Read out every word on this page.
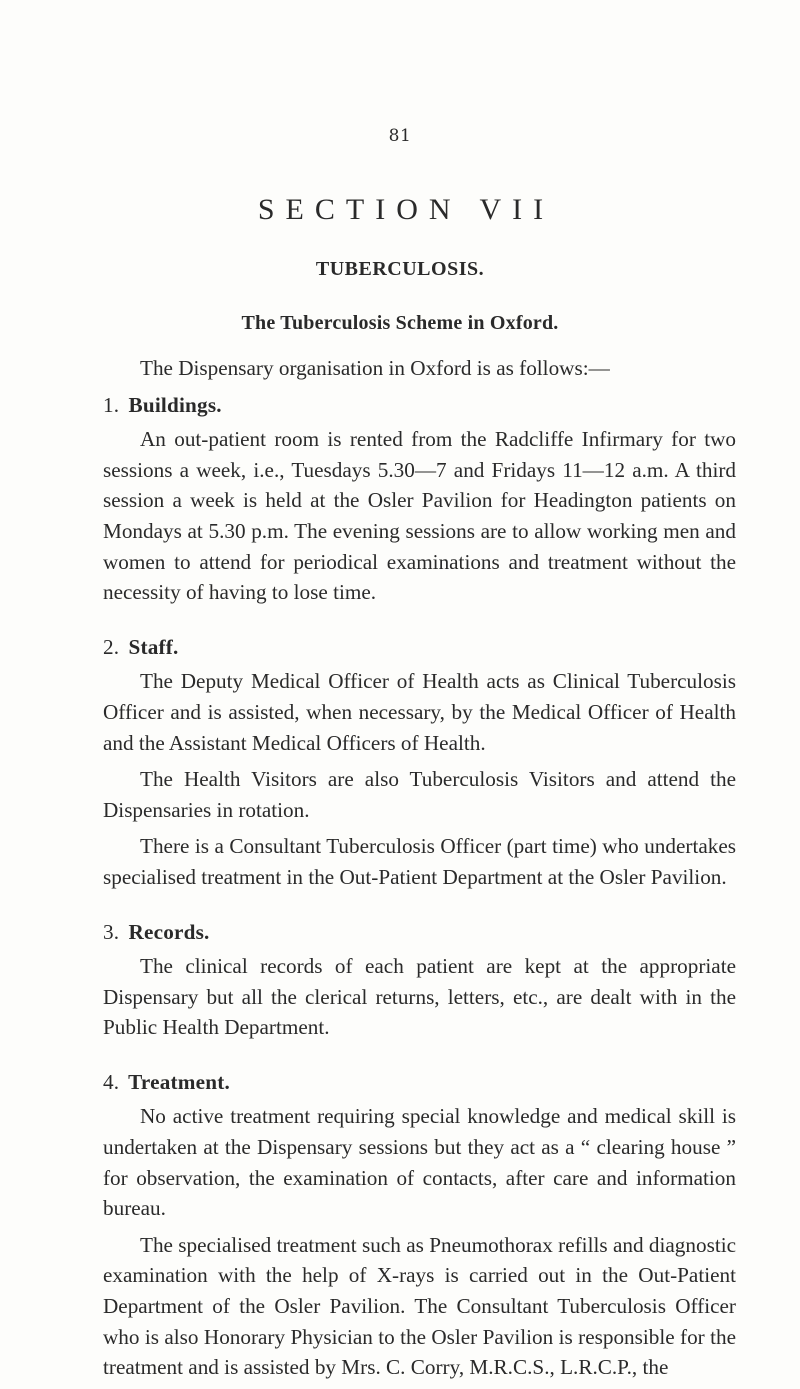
81
SECTION VII
TUBERCULOSIS.
The Tuberculosis Scheme in Oxford.

The Dispensary organisation in Oxford is as follows:—

1. Buildings.

An out-patient room is rented from the Radcliffe Infirmary for two sessions a week, i.e., Tuesdays 5.30—7 and Fridays 11—12 a.m. A third session a week is held at the Osler Pavilion for Headington patients on Mondays at 5.30 p.m. The evening sessions are to allow working men and women to attend for periodical examinations and treatment without the necessity of having to lose time.

2. Staff.

The Deputy Medical Officer of Health acts as Clinical Tuberculosis Officer and is assisted, when necessary, by the Medical Officer of Health and the Assistant Medical Officers of Health.

The Health Visitors are also Tuberculosis Visitors and attend the Dispensaries in rotation.

There is a Consultant Tuberculosis Officer (part time) who undertakes specialised treatment in the Out-Patient Department at the Osler Pavilion.

3. Records.

The clinical records of each patient are kept at the appropriate Dispensary but all the clerical returns, letters, etc., are dealt with in the Public Health Department.

4. Treatment.

No active treatment requiring special knowledge and medical skill is undertaken at the Dispensary sessions but they act as a “ clearing house ” for observation, the examination of contacts, after care and information bureau.

The specialised treatment such as Pneumothorax refills and diagnostic examination with the help of X-rays is carried out in the Out-Patient Department of the Osler Pavilion. The Consultant Tuberculosis Officer who is also Honorary Physician to the Osler Pavilion is responsible for the treatment and is assisted by Mrs. C. Corry, M.R.C.S., L.R.C.P., the
